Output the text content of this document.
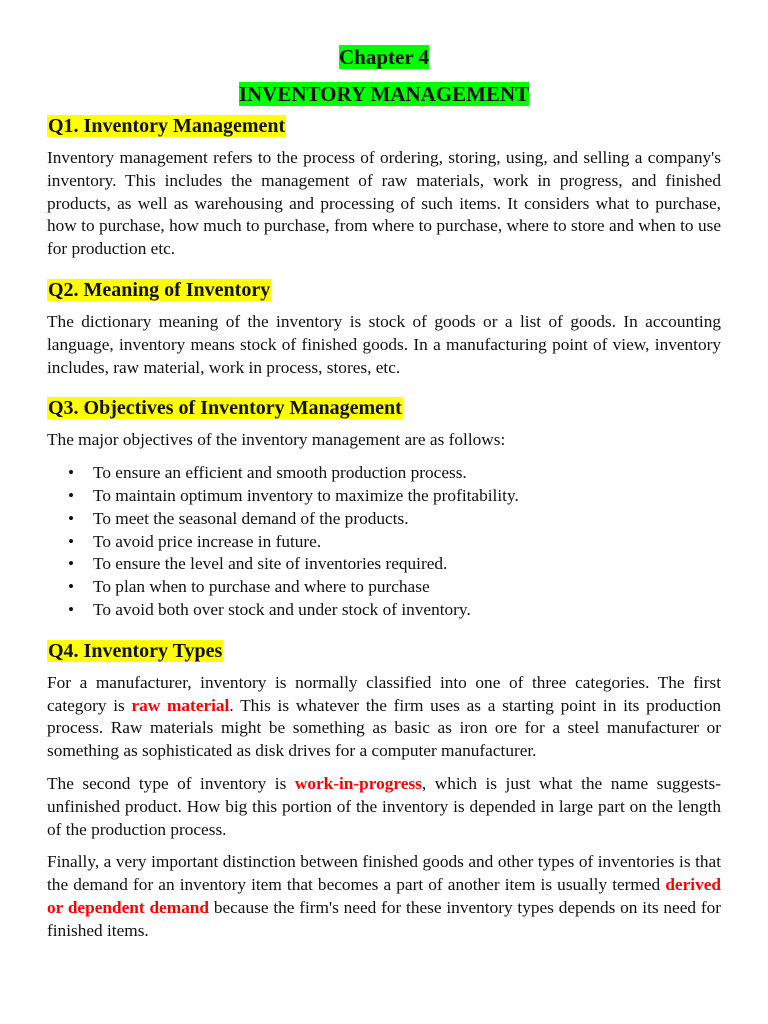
Chapter 4
INVENTORY MANAGEMENT
Q1. Inventory Management

Inventory management refers to the process of ordering, storing, using, and selling a company's inventory. This includes the management of raw materials, work in progress, and finished products, as well as warehousing and processing of such items. It considers what to purchase, how to purchase, how much to purchase, from where to purchase, where to store and when to use for production etc.

Q2. Meaning of Inventory

The dictionary meaning of the inventory is stock of goods or a list of goods. In accounting language, inventory means stock of finished goods. In a manufacturing point of view, inventory includes, raw material, work in process, stores, etc.

Q3. Objectives of Inventory Management

The major objectives of the inventory management are as follows:

• To ensure an efficient and smooth production process.
• To maintain optimum inventory to maximize the profitability.
• To meet the seasonal demand of the products.
• To avoid price increase in future.
• To ensure the level and site of inventories required.
• To plan when to purchase and where to purchase
• To avoid both over stock and under stock of inventory.
Q4. Inventory Types

For a manufacturer, inventory is normally classified into one of three categories. The first category is raw material. This is whatever the firm uses as a starting point in its production process. Raw materials might be something as basic as iron ore for a steel manufacturer or something as sophisticated as disk drives for a computer manufacturer.

The second type of inventory is work-in-progress, which is just what the name suggests- unfinished product. How big this portion of the inventory is depended in large part on the length of the production process.

Finally, a very important distinction between finished goods and other types of inventories is that the demand for an inventory item that becomes a part of another item is usually termed derived or dependent demand because the firm's need for these inventory types depends on its need for finished items.
